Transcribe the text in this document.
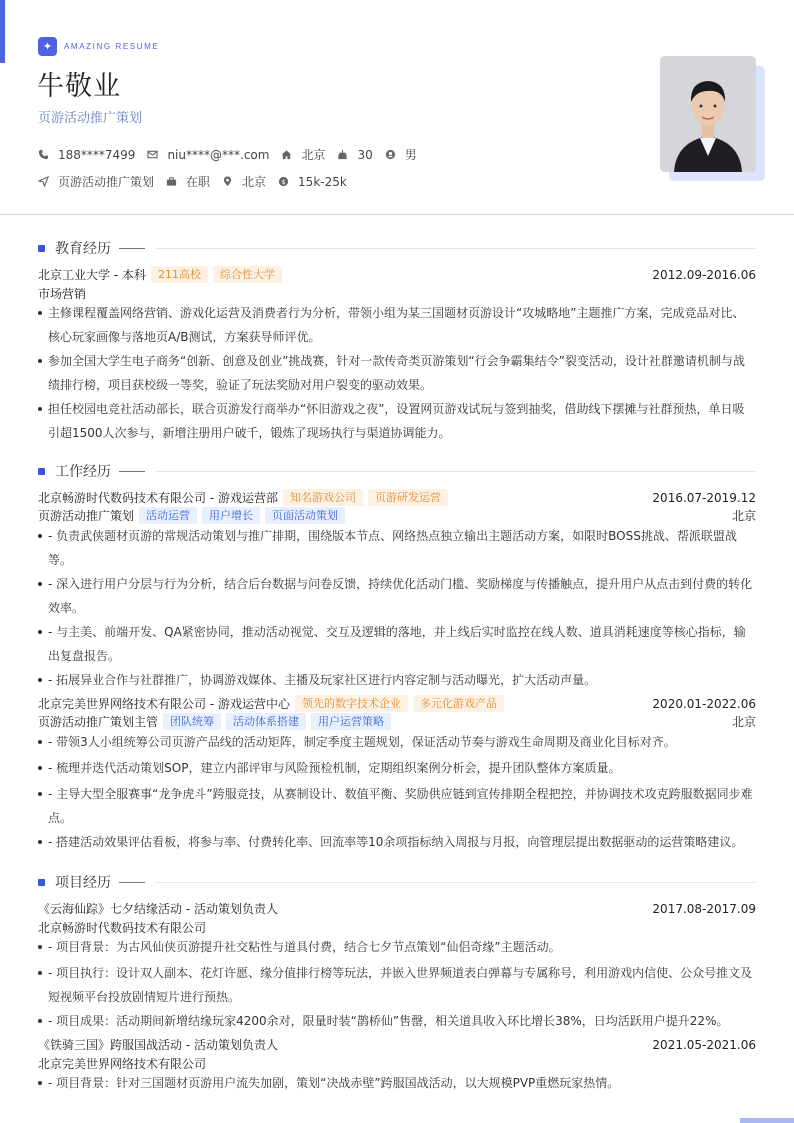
✦	AMAZING RESUME
牛敬业
页游活动推广策划
188****7499	niu****@***.com	北京	30	男
页游活动推广策划	在职	北京 $ 15k-25k
教育经历
北京工业大学 - 本科	211高校	综合性大学	2012.09-2016.06
市场营销
主修课程覆盖网络营销、游戏化运营及消费者行为分析，带领小组为某三国题材页游设计“攻城略地”主题推广方案，完成竞品对比、核心玩家画像与落地页A/B测试，方案获导师评优。
参加全国大学生电子商务“创新、创意及创业”挑战赛，针对一款传奇类页游策划“行会争霸集结令”裂变活动，设计社群邀请机制与战绩排行榜，项目获校级一等奖，验证了玩法奖励对用户裂变的驱动效果。
担任校园电竞社活动部长，联合页游发行商举办“怀旧游戏之夜”，设置网页游戏试玩与签到抽奖，借助线下摆摊与社群预热，单日吸引超1500人次参与，新增注册用户破千，锻炼了现场执行与渠道协调能力。
工作经历
北京畅游时代数码技术有限公司 - 游戏运营部	知名游戏公司	页游研发运营	2016.07-2019.12
页游活动推广策划	活动运营	用户增长	页面活动策划	北京
- 负责武侠题材页游的常规活动策划与推广排期，围绕版本节点、网络热点独立输出主题活动方案，如限时BOSS挑战、帮派联盟战等。
- 深入进行用户分层与行为分析，结合后台数据与问卷反馈，持续优化活动门槛、奖励梯度与传播触点，提升用户从点击到付费的转化效率。
- 与主美、前端开发、QA紧密协同，推动活动视觉、交互及逻辑的落地，并上线后实时监控在线人数、道具消耗速度等核心指标，输出复盘报告。
- 拓展异业合作与社群推广，协调游戏媒体、主播及玩家社区进行内容定制与活动曝光，扩大活动声量。
北京完美世界网络技术有限公司 - 游戏运营中心	领先的数字技术企业	多元化游戏产品	2020.01-2022.06
页游活动推广策划主管	团队统筹	活动体系搭建	用户运营策略	北京
- 带领3人小组统筹公司页游产品线的活动矩阵，制定季度主题规划，保证活动节奏与游戏生命周期及商业化目标对齐。
- 梳理并迭代活动策划SOP，建立内部评审与风险预检机制，定期组织案例分析会，提升团队整体方案质量。
- 主导大型全服赛事“龙争虎斗”跨服竞技，从赛制设计、数值平衡、奖励供应链到宣传排期全程把控，并协调技术攻克跨服数据同步难点。
- 搭建活动效果评估看板，将参与率、付费转化率、回流率等10余项指标纳入周报与月报，向管理层提出数据驱动的运营策略建议。
项目经历
《云海仙踪》七夕结缘活动 - 活动策划负责人	2017.08-2017.09
北京畅游时代数码技术有限公司
- 项目背景：为古风仙侠页游提升社交粘性与道具付费，结合七夕节点策划“仙侣奇缘”主题活动。
- 项目执行：设计双人副本、花灯许愿、缘分值排行榜等玩法，并嵌入世界频道表白弹幕与专属称号，利用游戏内信使、公众号推文及短视频平台投放剧情短片进行预热。
- 项目成果：活动期间新增结缘玩家4200余对，限量时装“鹊桥仙”售罄，相关道具收入环比增长38%，日均活跃用户提升22%。
《铁骑三国》跨服国战活动 - 活动策划负责人	2021.05-2021.06
北京完美世界网络技术有限公司
- 项目背景：针对三国题材页游用户流失加剧，策划“决战赤壁”跨服国战活动，以大规模PVP重燃玩家热情。
